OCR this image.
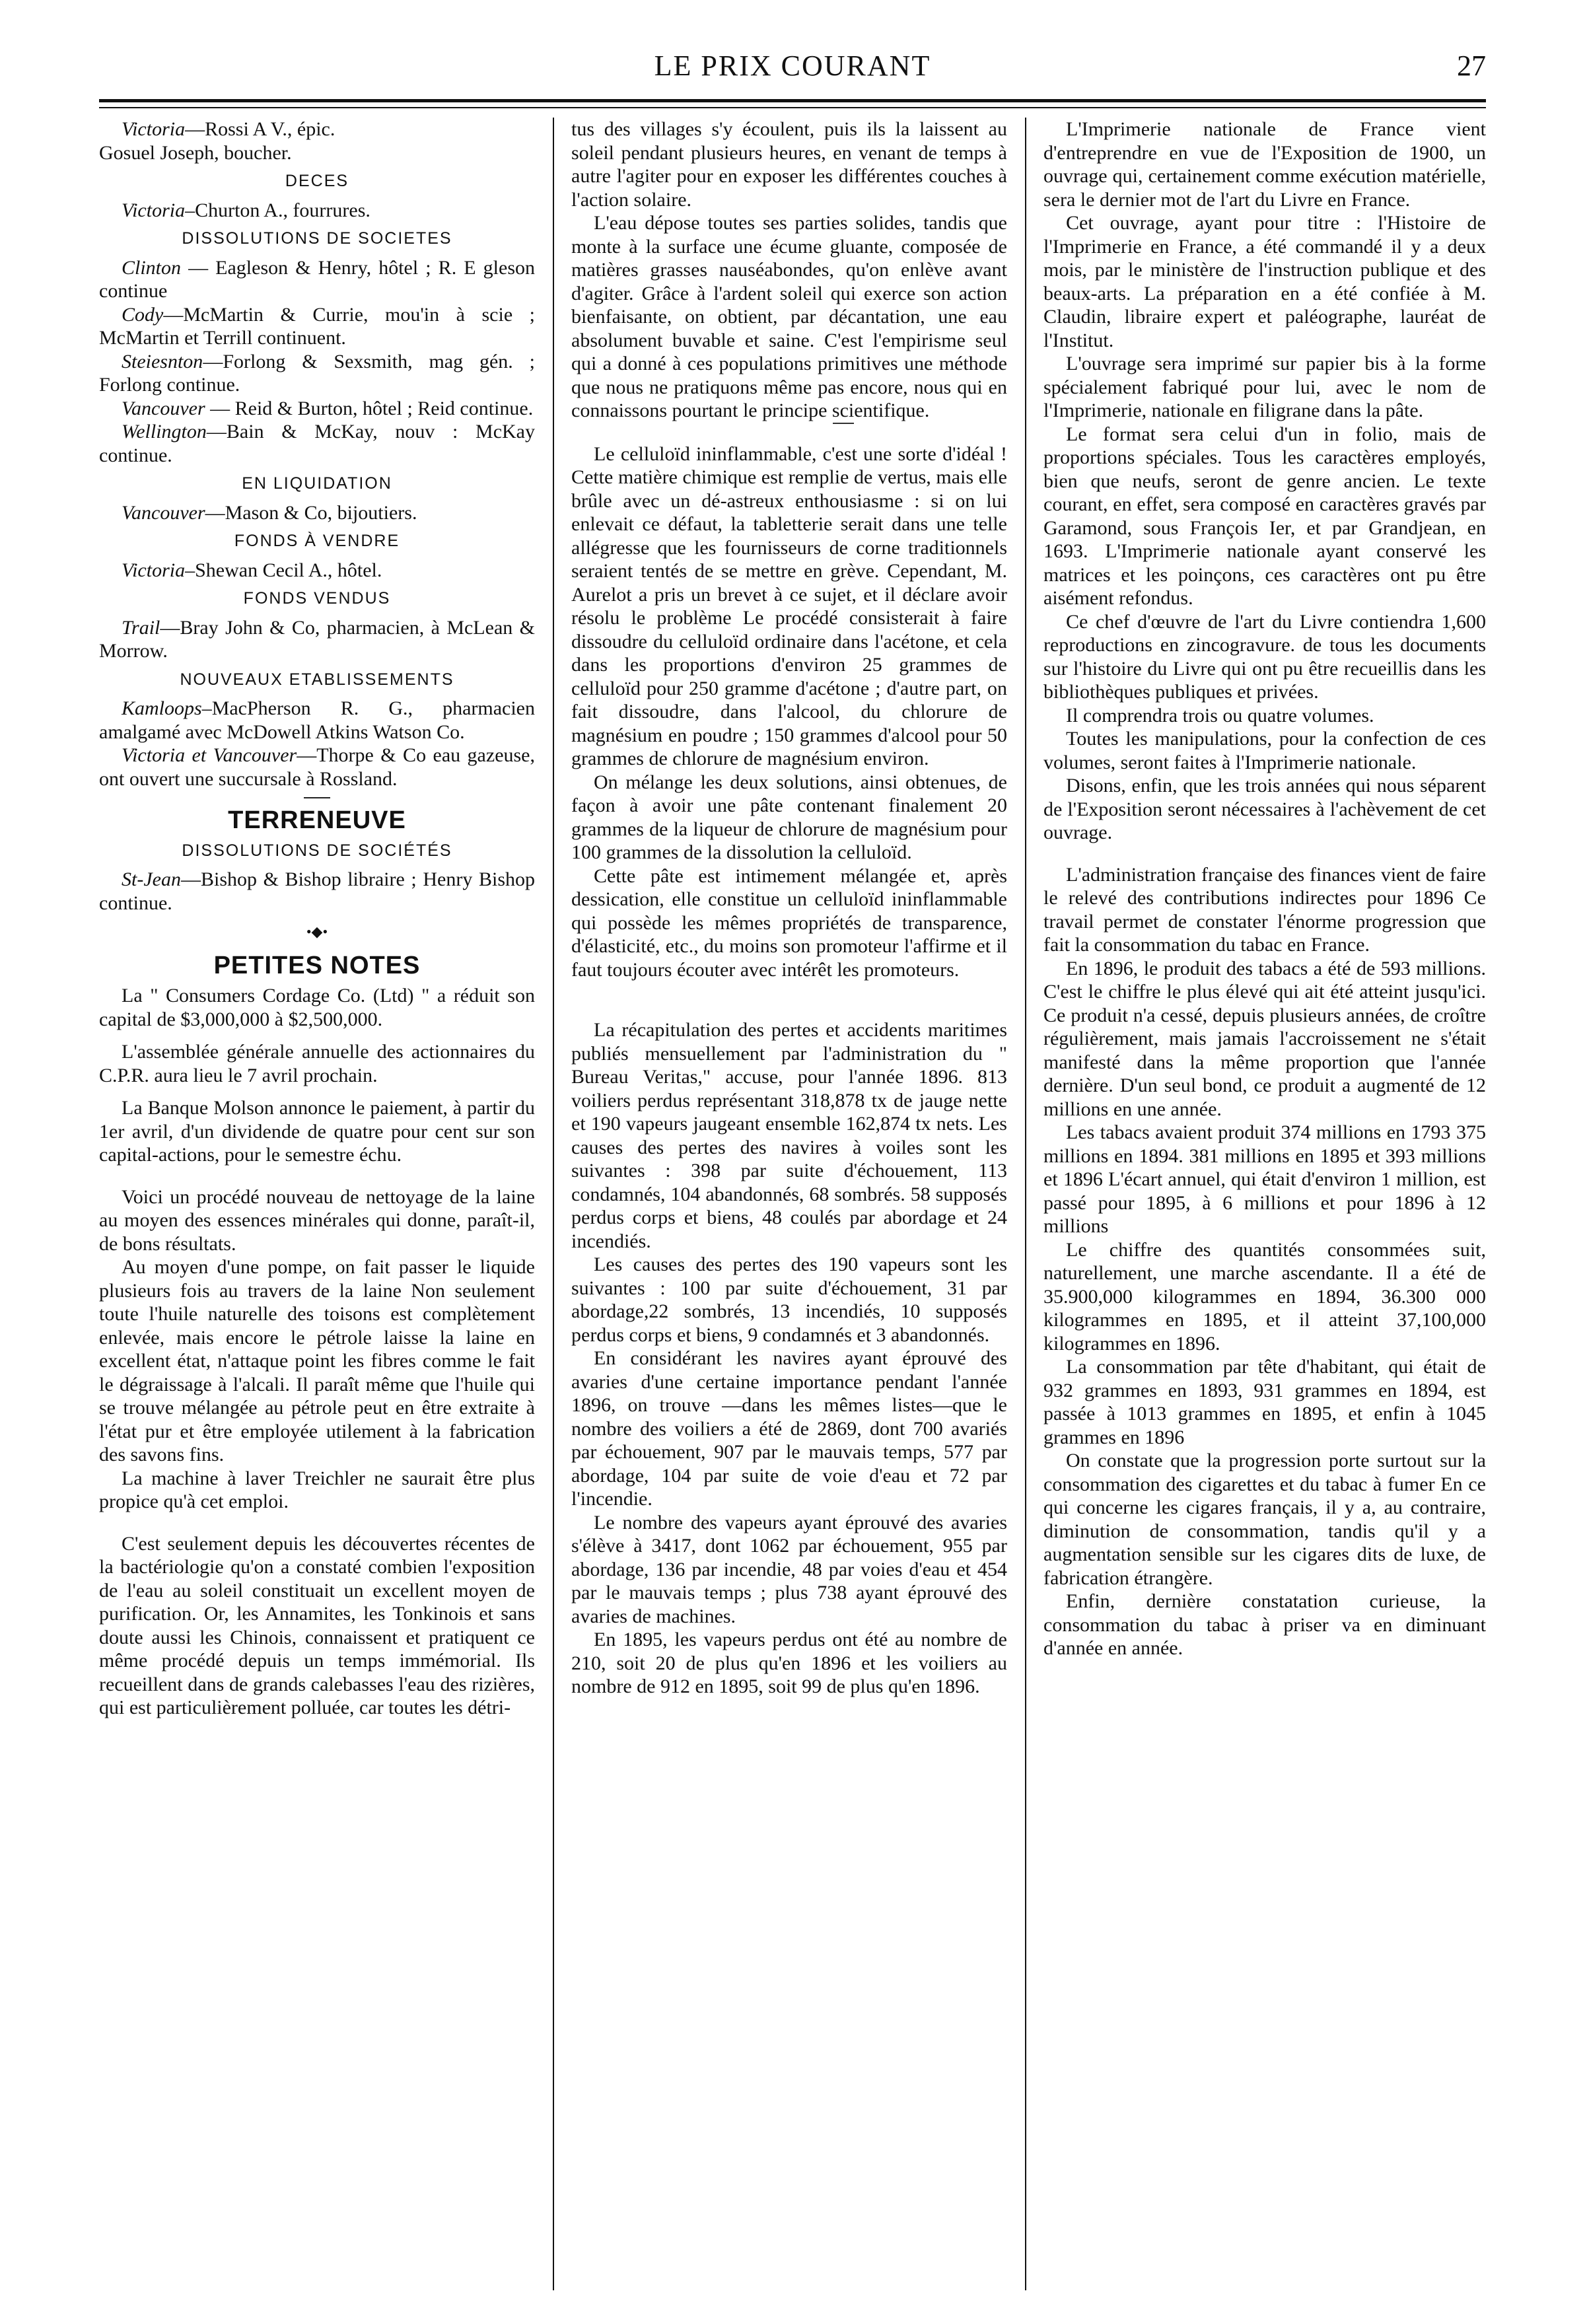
LE PRIX COURANT	27

Victoria—Rossi A V., épic.

Gosuel Joseph, boucher.

DECES

Victoria–Churton A., fourrures.

DISSOLUTIONS DE SOCIETES

Clinton — Eagleson & Henry, hôtel ; R. E gleson continue

Cody—McMartin & Currie, mou'in à scie ; McMartin et Terrill continuent.

Steiesnton—Forlong & Sexsmith, mag gén. ; Forlong continue.

Vancouver — Reid & Burton, hôtel ; Reid continue.

Wellington—Bain & McKay, nouv : McKay continue.

EN LIQUIDATION

Vancouver—Mason & Co, bijoutiers.

FONDS À VENDRE

Victoria–Shewan Cecil A., hôtel.

FONDS VENDUS

Trail—Bray John & Co, pharmacien, à McLean & Morrow.

NOUVEAUX ETABLISSEMENTS

Kamloops–MacPherson R. G., pharmacien amalgamé avec McDowell Atkins Watson Co.

Victoria et Vancouver—Thorpe & Co eau gazeuse, ont ouvert une succursale à Rossland.

TERRENEUVE
DISSOLUTIONS DE SOCIÉTÉS

St-Jean—Bishop & Bishop libraire ; Henry Bishop continue.

•◆•
PETITES NOTES

La " Consumers Cordage Co. (Ltd) " a réduit son capital de $3,000,000 à $2,500,000.

L'assemblée générale annuelle des actionnaires du C.P.R. aura lieu le 7 avril prochain.

La Banque Molson annonce le paiement, à partir du 1er avril, d'un dividende de quatre pour cent sur son capital-actions, pour le semestre échu.

Voici un procédé nouveau de nettoyage de la laine au moyen des essences minérales qui donne, paraît-il, de bons résultats.

Au moyen d'une pompe, on fait passer le liquide plusieurs fois au travers de la laine Non seulement toute l'huile naturelle des toisons est complètement enlevée, mais encore le pétrole laisse la laine en excellent état, n'attaque point les fibres comme le fait le dégraissage à l'alcali. Il paraît même que l'huile qui se trouve mélangée au pétrole peut en être extraite à l'état pur et être employée utilement à la fabrication des savons fins.

La machine à laver Treichler ne saurait être plus propice qu'à cet emploi.

C'est seulement depuis les découvertes récentes de la bactériologie qu'on a constaté combien l'exposition de l'eau au soleil constituait un excellent moyen de purification. Or, les Annamites, les Tonkinois et sans doute aussi les Chinois, connaissent et pratiquent ce même procédé depuis un temps immémorial. Ils recueillent dans de grands calebasses l'eau des rizières, qui est particulièrement polluée, car toutes les détri-

tus des villages s'y écoulent, puis ils la laissent au soleil pendant plusieurs heures, en venant de temps à autre l'agiter pour en exposer les différentes couches à l'action solaire.

L'eau dépose toutes ses parties solides, tandis que monte à la surface une écume gluante, composée de matières grasses nauséabondes, qu'on enlève avant d'agiter. Grâce à l'ardent soleil qui exerce son action bienfaisante, on obtient, par décantation, une eau absolument buvable et saine. C'est l'empirisme seul qui a donné à ces populations primitives une méthode que nous ne pratiquons même pas encore, nous qui en connaissons pourtant le principe scientifique.

Le celluloïd ininflammable, c'est une sorte d'idéal ! Cette matière chimique est remplie de vertus, mais elle brûle avec un dé-astreux enthousiasme : si on lui enlevait ce défaut, la tabletterie serait dans une telle allégresse que les fournisseurs de corne traditionnels seraient tentés de se mettre en grève. Cependant, M. Aurelot a pris un brevet à ce sujet, et il déclare avoir résolu le problème Le procédé consisterait à faire dissoudre du celluloïd ordinaire dans l'acétone, et cela dans les proportions d'environ 25 grammes de celluloïd pour 250 gramme d'acétone ; d'autre part, on fait dissoudre, dans l'alcool, du chlorure de magnésium en poudre ; 150 grammes d'alcool pour 50 grammes de chlorure de magnésium environ.

On mélange les deux solutions, ainsi obtenues, de façon à avoir une pâte contenant finalement 20 grammes de la liqueur de chlorure de magnésium pour 100 grammes de la dissolution la celluloïd.

Cette pâte est intimement mélangée et, après dessication, elle constitue un celluloïd ininflammable qui possède les mêmes propriétés de transparence, d'élasticité, etc., du moins son promoteur l'affirme et il faut toujours écouter avec intérêt les promoteurs.

La récapitulation des pertes et accidents maritimes publiés mensuellement par l'administration du " Bureau Veritas," accuse, pour l'année 1896. 813 voiliers perdus représentant 318,878 tx de jauge nette et 190 vapeurs jaugeant ensemble 162,874 tx nets. Les causes des pertes des navires à voiles sont les suivantes : 398 par suite d'échouement, 113 condamnés, 104 abandonnés, 68 sombrés. 58 supposés perdus corps et biens, 48 coulés par abordage et 24 incendiés.

Les causes des pertes des 190 vapeurs sont les suivantes : 100 par suite d'échouement, 31 par abordage,22 sombrés, 13 incendiés, 10 supposés perdus corps et biens, 9 condamnés et 3 abandonnés.

En considérant les navires ayant éprouvé des avaries d'une certaine importance pendant l'année 1896, on trouve —dans les mêmes listes—que le nombre des voiliers a été de 2869, dont 700 avariés par échouement, 907 par le mauvais temps, 577 par abordage, 104 par suite de voie d'eau et 72 par l'incendie.

Le nombre des vapeurs ayant éprouvé des avaries s'élève à 3417, dont 1062 par échouement, 955 par abordage, 136 par incendie, 48 par voies d'eau et 454 par le mauvais temps ; plus 738 ayant éprouvé des avaries de machines.

En 1895, les vapeurs perdus ont été au nombre de 210, soit 20 de plus qu'en 1896 et les voiliers au nombre de 912 en 1895, soit 99 de plus qu'en 1896.

L'Imprimerie nationale de France vient d'entreprendre en vue de l'Exposition de 1900, un ouvrage qui, certainement comme exécution matérielle, sera le dernier mot de l'art du Livre en France.

Cet ouvrage, ayant pour titre : l'Histoire de l'Imprimerie en France, a été commandé il y a deux mois, par le ministère de l'instruction publique et des beaux-arts. La préparation en a été confiée à M. Claudin, libraire expert et paléographe, lauréat de l'Institut.

L'ouvrage sera imprimé sur papier bis à la forme spécialement fabriqué pour lui, avec le nom de l'Imprimerie, nationale en filigrane dans la pâte.

Le format sera celui d'un in folio, mais de proportions spéciales. Tous les caractères employés, bien que neufs, seront de genre ancien. Le texte courant, en effet, sera composé en caractères gravés par Garamond, sous François Ier, et par Grandjean, en 1693. L'Imprimerie nationale ayant conservé les matrices et les poinçons, ces caractères ont pu être aisément refondus.

Ce chef d'œuvre de l'art du Livre contiendra 1,600 reproductions en zincogravure. de tous les documents sur l'histoire du Livre qui ont pu être recueillis dans les bibliothèques publiques et privées.

Il comprendra trois ou quatre volumes.

Toutes les manipulations, pour la confection de ces volumes, seront faites à l'Imprimerie nationale.

Disons, enfin, que les trois années qui nous séparent de l'Exposition seront nécessaires à l'achèvement de cet ouvrage.

L'administration française des finances vient de faire le relevé des contributions indirectes pour 1896 Ce travail permet de constater l'énorme progression que fait la consommation du tabac en France.

En 1896, le produit des tabacs a été de 593 millions. C'est le chiffre le plus élevé qui ait été atteint jusqu'ici. Ce produit n'a cessé, depuis plusieurs années, de croître régulièrement, mais jamais l'accroissement ne s'était manifesté dans la même proportion que l'année dernière. D'un seul bond, ce produit a augmenté de 12 millions en une année.

Les tabacs avaient produit 374 millions en 1793 375 millions en 1894. 381 millions en 1895 et 393 millions et 1896 L'écart annuel, qui était d'environ 1 million, est passé pour 1895, à 6 millions et pour 1896 à 12 millions

Le chiffre des quantités consommées suit, naturellement, une marche ascendante. Il a été de 35.900,000 kilogrammes en 1894, 36.300 000 kilogrammes en 1895, et il atteint 37,100,000 kilogrammes en 1896.

La consommation par tête d'habitant, qui était de 932 grammes en 1893, 931 grammes en 1894, est passée à 1013 grammes en 1895, et enfin à 1045 grammes en 1896

On constate que la progression porte surtout sur la consommation des cigarettes et du tabac à fumer En ce qui concerne les cigares français, il y a, au contraire, diminution de consommation, tandis qu'il y a augmentation sensible sur les cigares dits de luxe, de fabrication étrangère.

Enfin, dernière constatation curieuse, la consommation du tabac à priser va en diminuant d'année en année.
